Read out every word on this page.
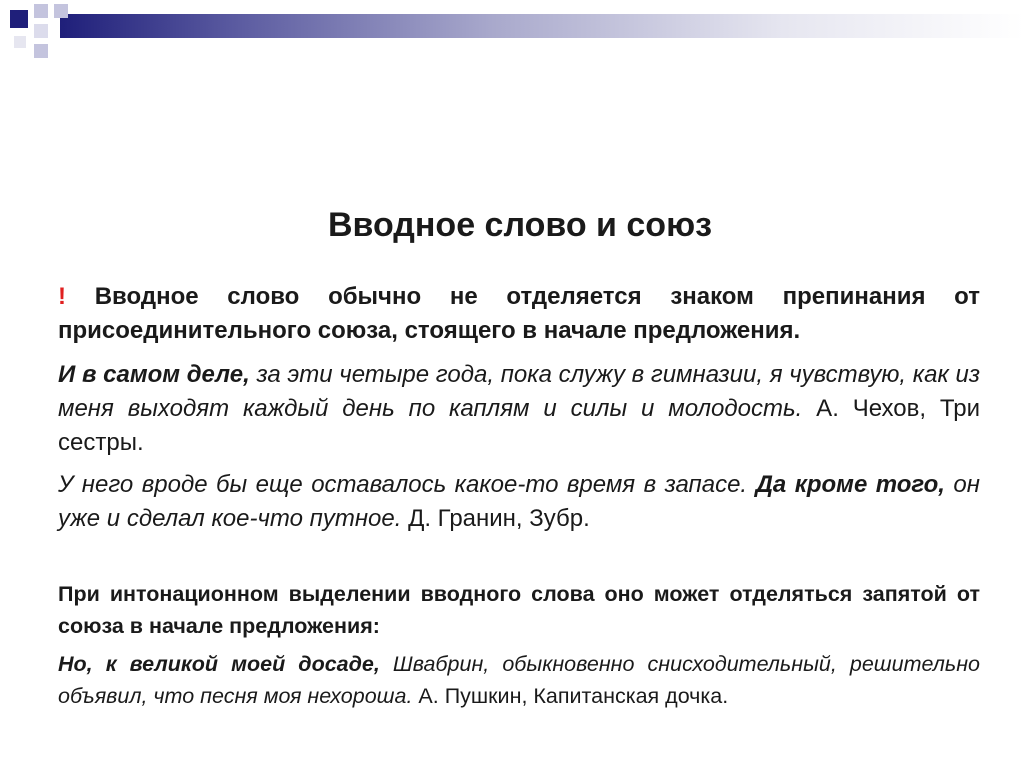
Вводное слово и союз

! Вводное слово обычно не отделяется знаком препинания от присоединительного союза, стоящего в начале предложения.

И в самом деле, за эти четыре года, пока служу в гимназии, я чувствую, как из меня выходят каждый день по каплям и силы и молодость. А. Чехов, Три сестры.

У него вроде бы еще оставалось какое-то время в запасе. Да кроме того, он уже и сделал кое-что путное. Д. Гранин, Зубр.

При интонационном выделении вводного слова оно может отделяться запятой от союза в начале предложения:

Но, к великой моей досаде, Швабрин, обыкновенно снисходительный, решительно объявил, что песня моя нехороша. А. Пушкин, Капитанская дочка.
